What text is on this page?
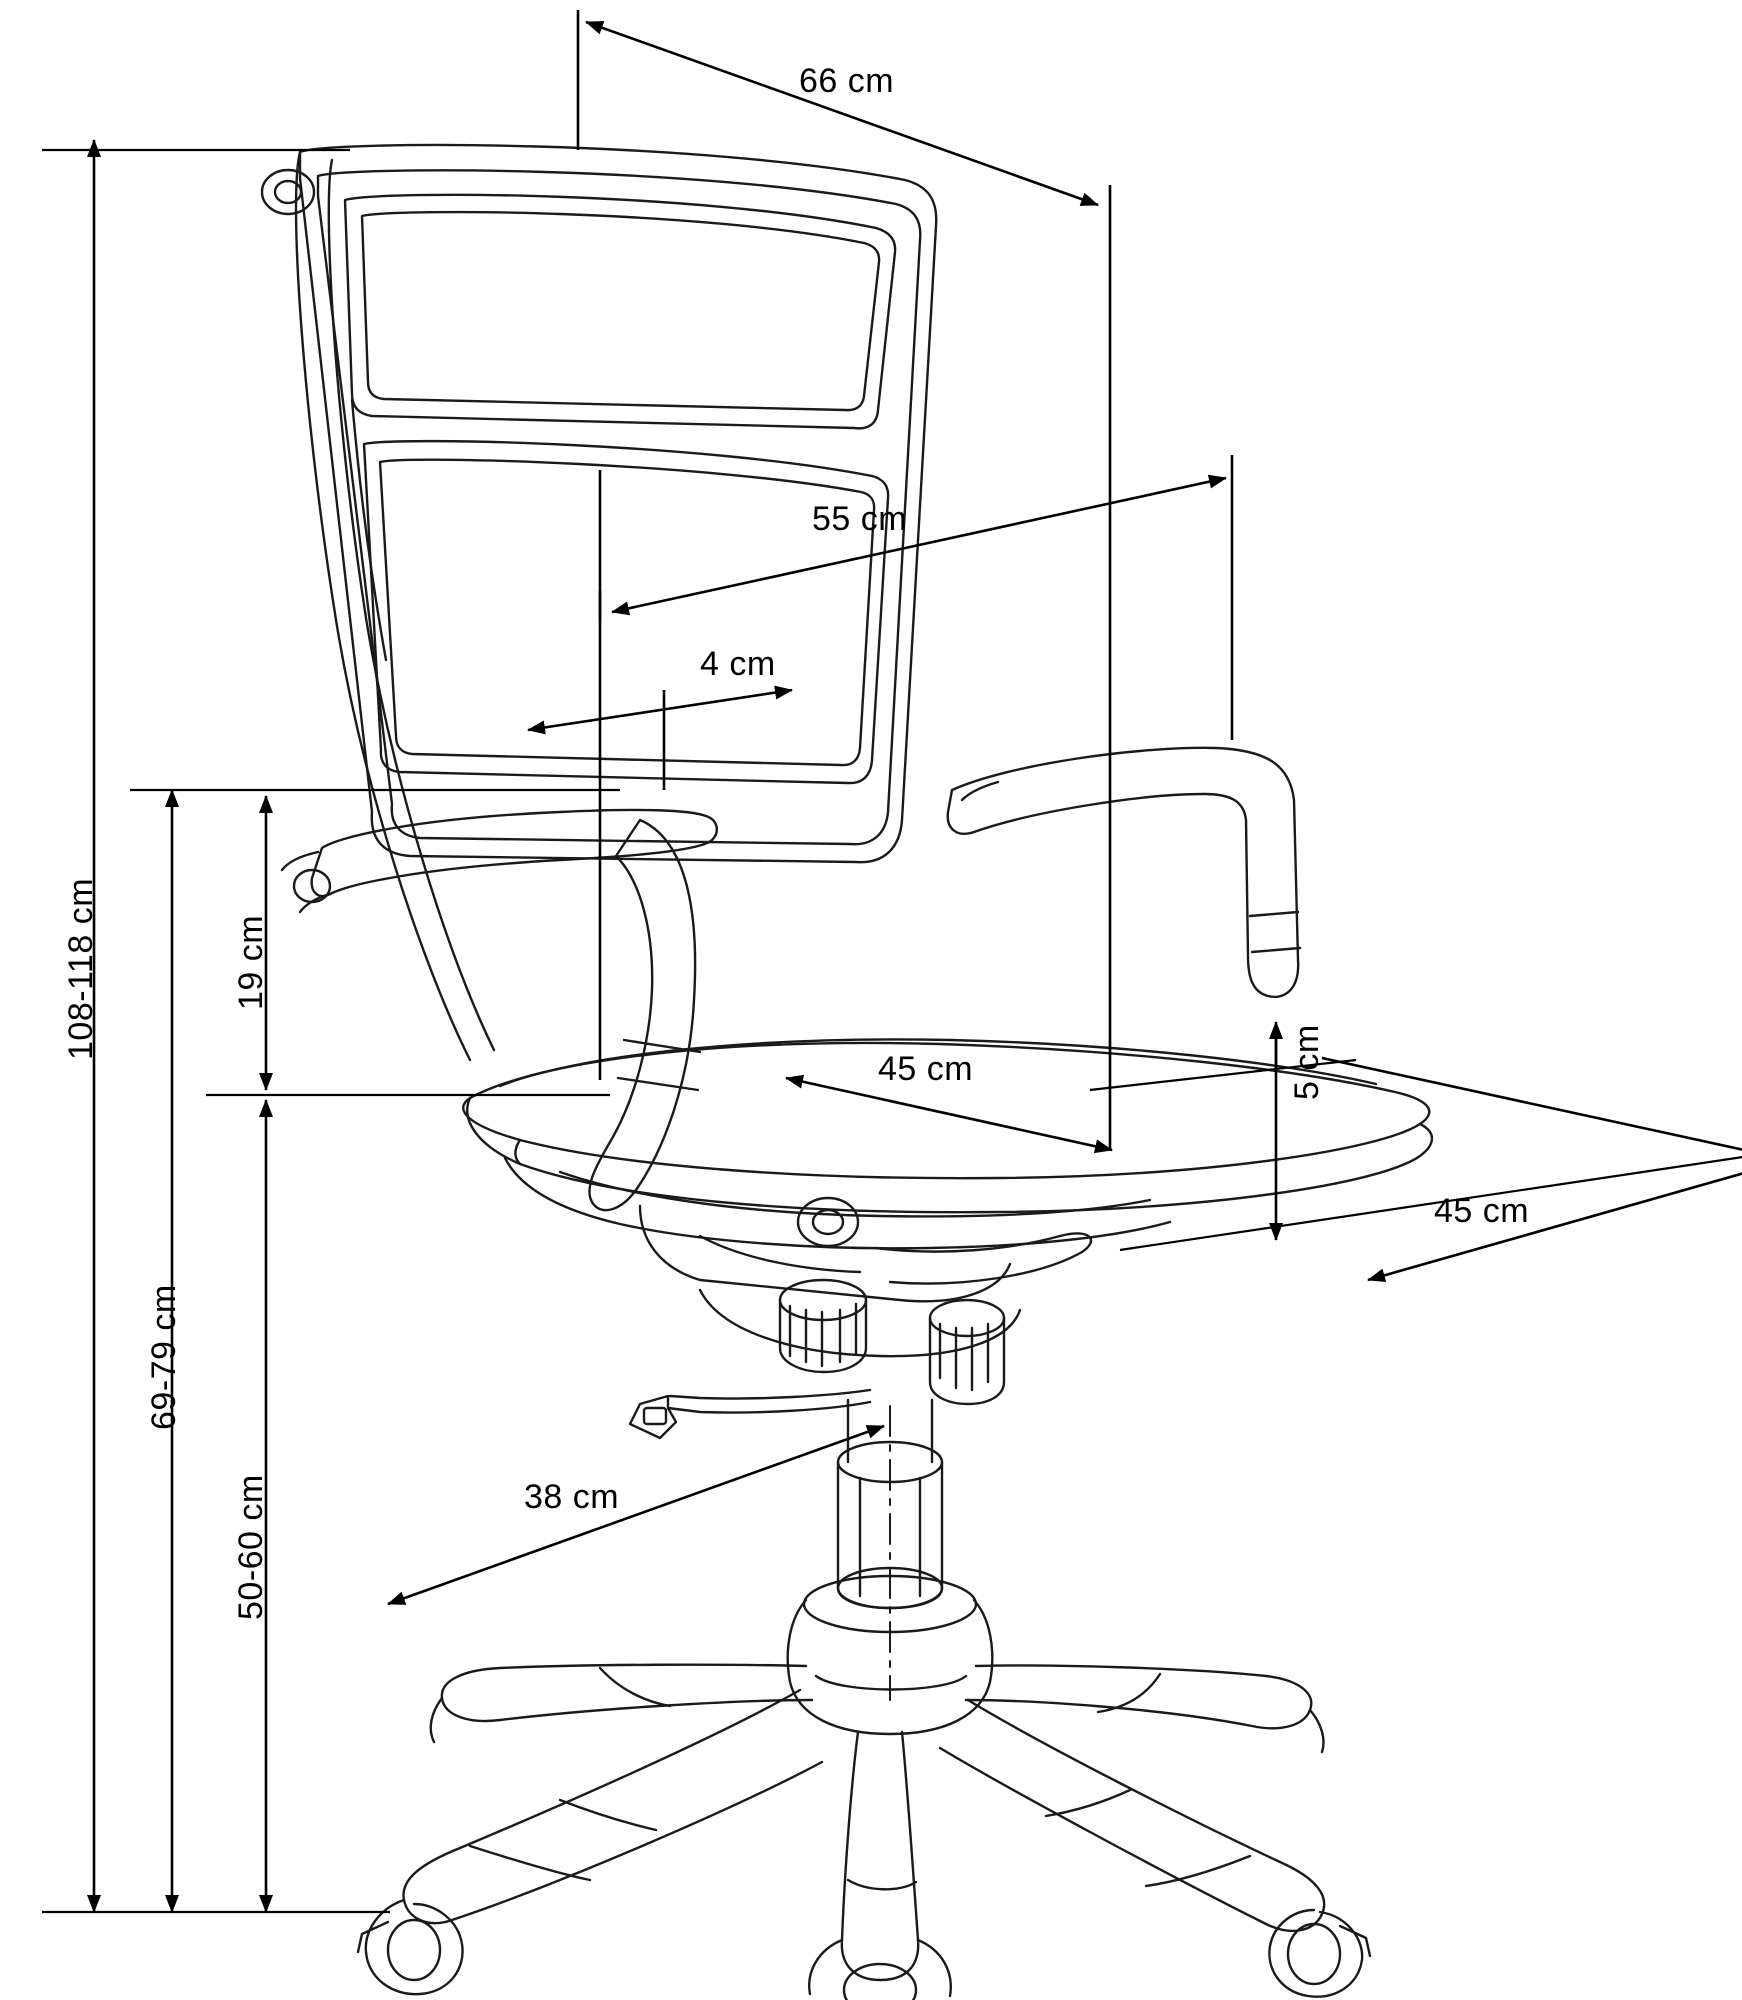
66 cm
55 cm
4 cm
45 cm
45 cm
5 cm
38 cm
108-118 cm
69-79 cm
50-60 cm
19 cm
